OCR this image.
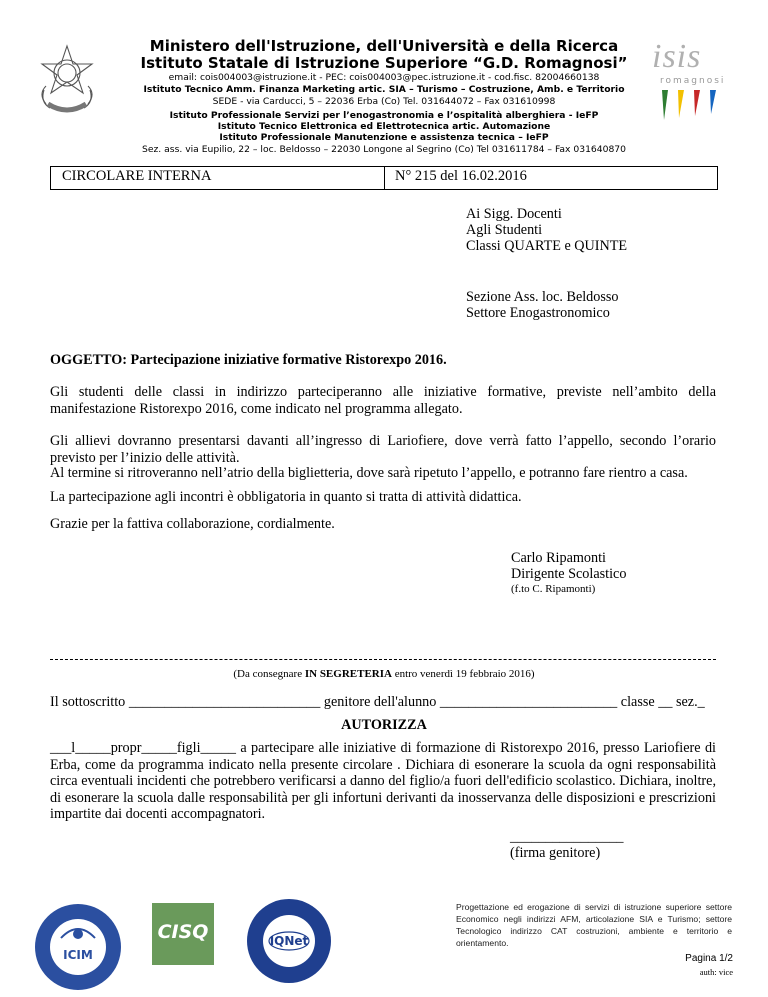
Ministero dell'Istruzione, dell'Università e della Ricerca
Istituto Statale di Istruzione Superiore “G.D. Romagnosi”
email: cois004003@istruzione.it - PEC: cois004003@pec.istruzione.it - cod.fisc. 82004660138
Istituto Tecnico Amm. Finanza Marketing artic. SIA – Turismo – Costruzione, Amb. e Territorio
SEDE - via Carducci, 5 – 22036 Erba (Co) Tel. 031644072 – Fax 031610998
Istituto Professionale Servizi per l’enogastronomia e l’ospitalità alberghiera - IeFP
Istituto Tecnico Elettronica ed Elettrotecnica artic. Automazione
Istituto Professionale Manutenzione e assistenza tecnica – IeFP
Sez. ass. via Eupilio, 22 – loc. Beldosso – 22030 Longone al Segrino (Co) Tel 031611784 – Fax 031640870
isis
romagnosi
CIRCOLARE INTERNA	N° 215 del 16.02.2016
Ai Sigg. Docenti
Agli Studenti
Classi QUARTE e QUINTE
Sezione Ass. loc. Beldosso
Settore Enogastronomico
OGGETTO: Partecipazione iniziative formative Ristorexpo 2016.
Gli studenti delle classi in indirizzo parteciperanno alle iniziative formative, previste nell’ambito della manifestazione Ristorexpo 2016, come indicato nel programma allegato.
Gli allievi dovranno presentarsi davanti all’ingresso di Lariofiere, dove verrà fatto l’appello, secondo l’orario previsto per l’inizio delle attività.
Al termine si ritroveranno nell’atrio della biglietteria, dove sarà ripetuto l’appello, e potranno fare rientro a casa.
La partecipazione agli incontri è obbligatoria in quanto si tratta di attività didattica.
Grazie per la fattiva collaborazione, cordialmente.
Carlo Ripamonti
Dirigente Scolastico
(f.to C. Ripamonti)
(Da consegnare IN SEGRETERIA entro venerdì 19 febbraio 2016)
Il sottoscritto ___________________________ genitore dell'alunno _________________________ classe __ sez._
AUTORIZZA
___l_____propr_____figli_____ a partecipare alle iniziative di formazione di Ristorexpo 2016, presso Lariofiere di Erba, come da programma indicato nella presente circolare . Dichiara di esonerare la scuola da ogni responsabilità circa eventuali incidenti che potrebbero verificarsi a danno del figlio/a fuori dell'edificio scolastico. Dichiara, inoltre, di esonerare la scuola dalle responsabilità per gli infortuni derivanti da inosservanza delle disposizioni e prescrizioni impartite dai docenti accompagnatori.
________________
(firma genitore)
ICIM
CISQ	IQNet
Progettazione ed erogazione di servizi di istruzione superiore settore Economico negli indirizzi AFM, articolazione SIA e Turismo; settore Tecnologico indirizzo CAT costruzioni, ambiente e territorio e orientamento.
Pagina 1/2
auth: vice
